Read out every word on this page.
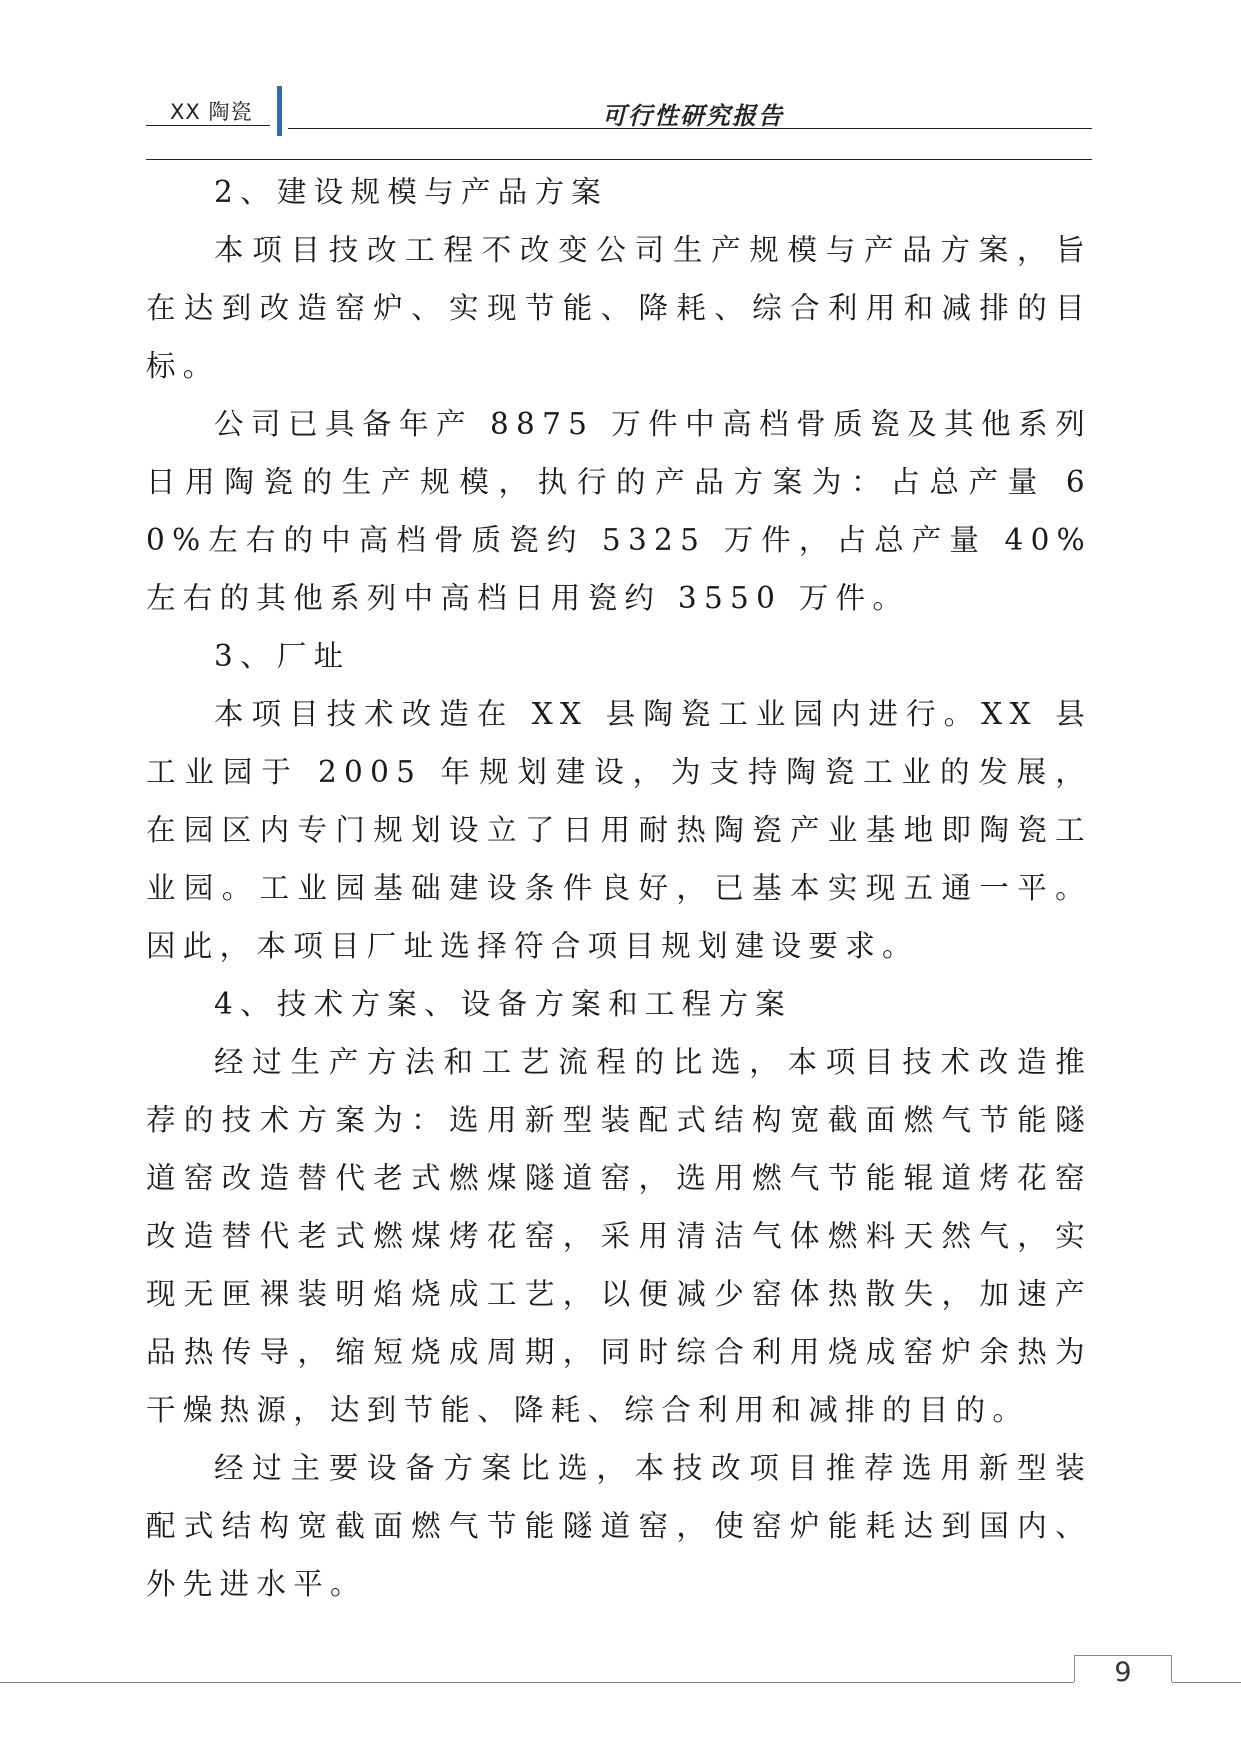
XX 陶瓷	可行性研究报告

2、建设规模与产品方案

本项目技改工程不改变公司生产规模与产品方案，旨在达到改造窑炉、实现节能、降耗、综合利用和减排的目标。

公司已具备年产 8875 万件中高档骨质瓷及其他系列日用陶瓷的生产规模，执行的产品方案为：占总产量 60%左右的中高档骨质瓷约 5325 万件，占总产量 40%左右的其他系列中高档日用瓷约 3550 万件。

3、厂址

本项目技术改造在 XX 县陶瓷工业园内进行。XX 县工业园于 2005 年规划建设，为支持陶瓷工业的发展，在园区内专门规划设立了日用耐热陶瓷产业基地即陶瓷工业园。工业园基础建设条件良好，已基本实现五通一平。因此，本项目厂址选择符合项目规划建设要求。

4、技术方案、设备方案和工程方案

经过生产方法和工艺流程的比选，本项目技术改造推荐的技术方案为：选用新型装配式结构宽截面燃气节能隧道窑改造替代老式燃煤隧道窑，选用燃气节能辊道烤花窑改造替代老式燃煤烤花窑，采用清洁气体燃料天然气，实现无匣裸装明焰烧成工艺，以便减少窑体热散失，加速产品热传导，缩短烧成周期，同时综合利用烧成窑炉余热为干燥热源，达到节能、降耗、综合利用和减排的目的。

经过主要设备方案比选，本技改项目推荐选用新型装配式结构宽截面燃气节能隧道窑，使窑炉能耗达到国内、外先进水平。

9
